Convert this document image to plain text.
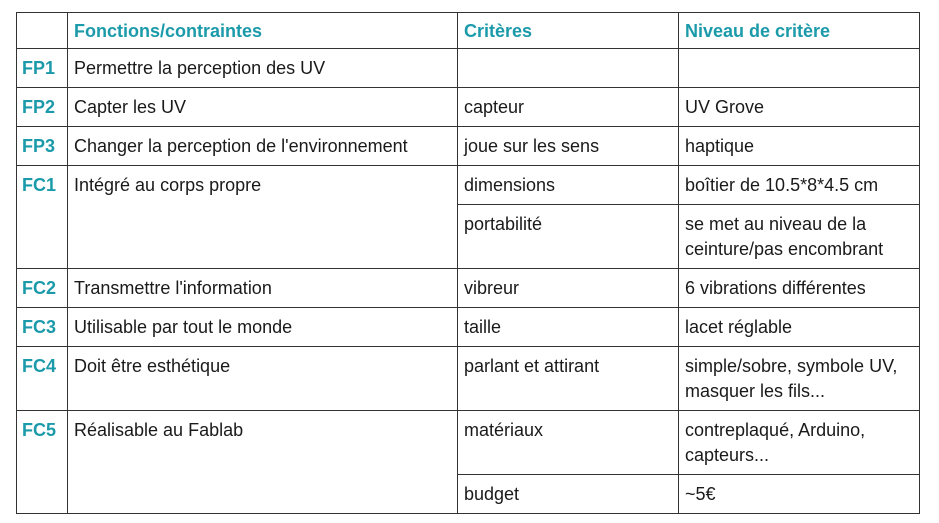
	Fonctions/contraintes	Critères	Niveau de critère
FP1	Permettre la perception des UV		
FP2	Capter les UV	capteur	UV Grove
FP3	Changer la perception de l'environnement	joue sur les sens	haptique
FC1	Intégré au corps propre	dimensions	boîtier de 10.5*8*4.5 cm
		portabilité	se met au niveau de la ceinture/pas encombrant
FC2	Transmettre l'information	vibreur	6 vibrations différentes
FC3	Utilisable par tout le monde	taille	lacet réglable
FC4	Doit être esthétique	parlant et attirant	simple/sobre, symbole UV, masquer les fils...
FC5	Réalisable au Fablab	matériaux	contreplaqué, Arduino, capteurs...
		budget	~5€
